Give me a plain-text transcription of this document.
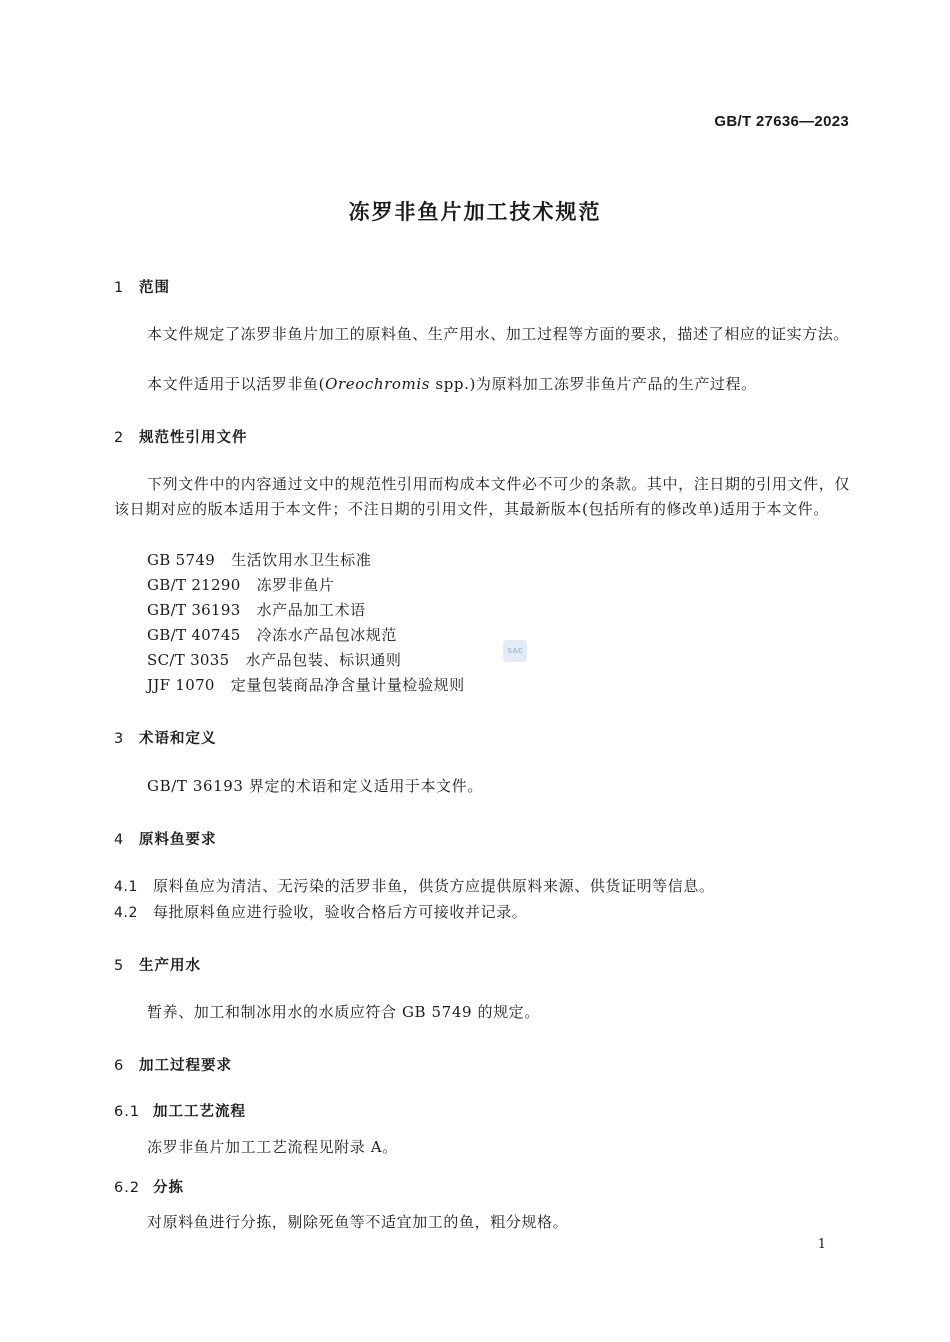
GB/T 27636—2023
冻罗非鱼片加工技术规范
1 范围
本文件规定了冻罗非鱼片加工的原料鱼、生产用水、加工过程等方面的要求，描述了相应的证实方法。
本文件适用于以活罗非鱼(Oreochromis spp.)为原料加工冻罗非鱼片产品的生产过程。
2 规范性引用文件
下列文件中的内容通过文中的规范性引用而构成本文件必不可少的条款。其中，注日期的引用文件，仅该日期对应的版本适用于本文件；不注日期的引用文件，其最新版本(包括所有的修改单)适用于本文件。
GB 5749 生活饮用水卫生标准
GB/T 21290 冻罗非鱼片
GB/T 36193 水产品加工术语
GB/T 40745 冷冻水产品包冰规范
SC/T 3035 水产品包装、标识通则
JJF 1070 定量包装商品净含量计量检验规则
SAC
3 术语和定义
GB/T 36193 界定的术语和定义适用于本文件。
4 原料鱼要求
4.1 原料鱼应为清洁、无污染的活罗非鱼，供货方应提供原料来源、供货证明等信息。
4.2 每批原料鱼应进行验收，验收合格后方可接收并记录。
5 生产用水
暂养、加工和制冰用水的水质应符合 GB 5749 的规定。
6 加工过程要求
6.1 加工工艺流程
冻罗非鱼片加工工艺流程见附录 A。
6.2 分拣
对原料鱼进行分拣，剔除死鱼等不适宜加工的鱼，粗分规格。
1
